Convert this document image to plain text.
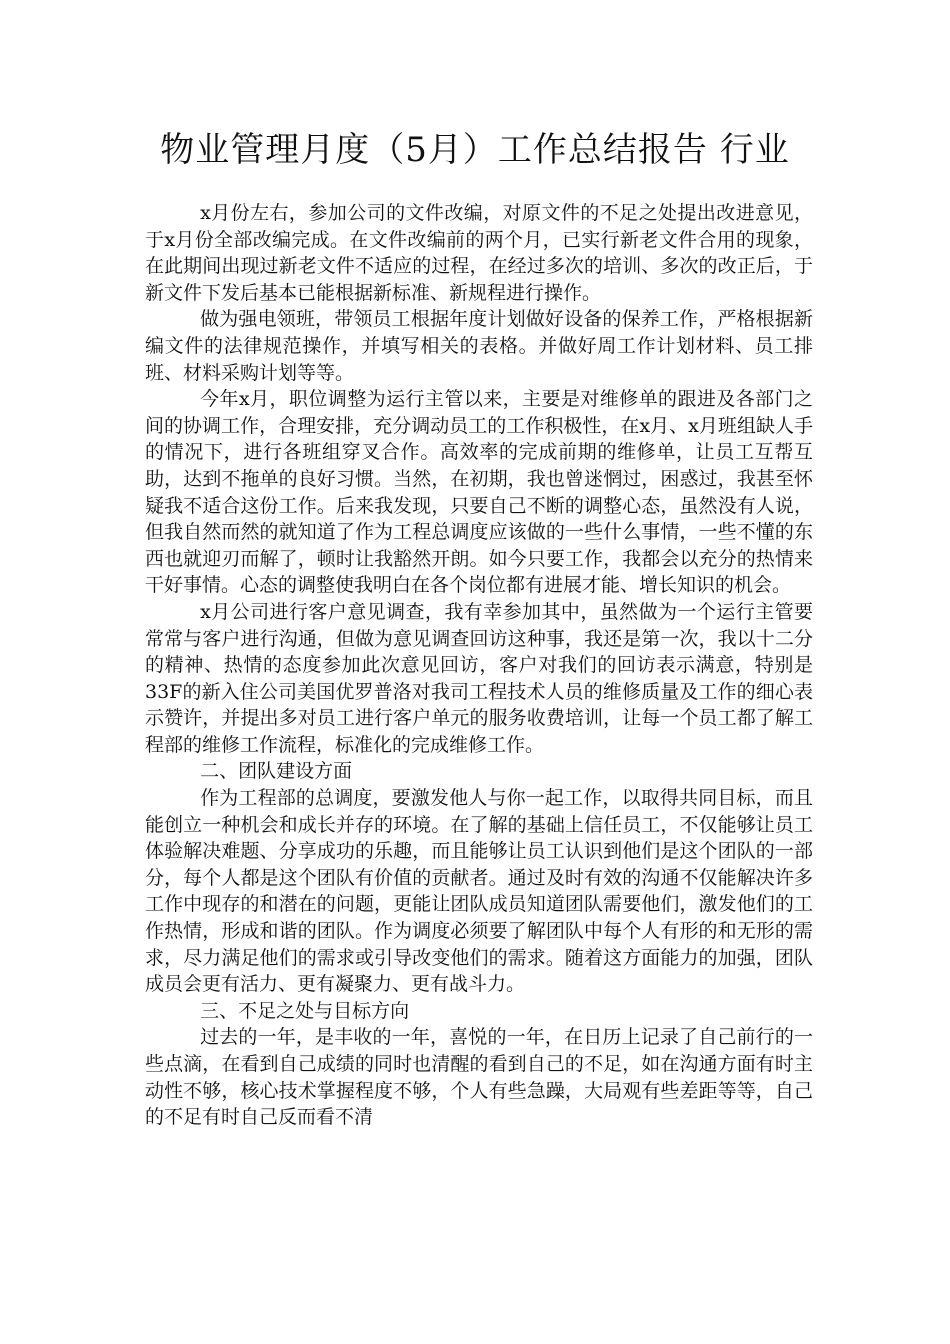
物业管理月度（5月）工作总结报告 行业

x月份左右，参加公司的文件改编，对原文件的不足之处提出改进意见，于x月份全部改编完成。在文件改编前的两个月，已实行新老文件合用的现象，在此期间出现过新老文件不适应的过程，在经过多次的培训、多次的改正后，于新文件下发后基本已能根据新标准、新规程进行操作。

做为强电领班，带领员工根据年度计划做好设备的保养工作，严格根据新编文件的法律规范操作，并填写相关的表格。并做好周工作计划材料、员工排班、材料采购计划等等。

今年x月，职位调整为运行主管以来，主要是对维修单的跟进及各部门之间的协调工作，合理安排，充分调动员工的工作积极性，在x月、x月班组缺人手的情况下，进行各班组穿叉合作。高效率的完成前期的维修单，让员工互帮互助，达到不拖单的良好习惯。当然，在初期，我也曾迷惘过，困惑过，我甚至怀疑我不适合这份工作。后来我发现，只要自己不断的调整心态，虽然没有人说，但我自然而然的就知道了作为工程总调度应该做的一些什么事情，一些不懂的东西也就迎刃而解了，顿时让我豁然开朗。如今只要工作，我都会以充分的热情来干好事情。心态的调整使我明白在各个岗位都有进展才能、增长知识的机会。

x月公司进行客户意见调查，我有幸参加其中，虽然做为一个运行主管要常常与客户进行沟通，但做为意见调查回访这种事，我还是第一次，我以十二分的精神、热情的态度参加此次意见回访，客户对我们的回访表示满意，特别是33F的新入住公司美国优罗普洛对我司工程技术人员的维修质量及工作的细心表示赞许，并提出多对员工进行客户单元的服务收费培训，让每一个员工都了解工程部的维修工作流程，标准化的完成维修工作。

二、团队建设方面

作为工程部的总调度，要激发他人与你一起工作，以取得共同目标，而且能创立一种机会和成长并存的环境。在了解的基础上信任员工，不仅能够让员工体验解决难题、分享成功的乐趣，而且能够让员工认识到他们是这个团队的一部分，每个人都是这个团队有价值的贡献者。通过及时有效的沟通不仅能解决许多工作中现存的和潜在的问题，更能让团队成员知道团队需要他们，激发他们的工作热情，形成和谐的团队。作为调度必须要了解团队中每个人有形的和无形的需求，尽力满足他们的需求或引导改变他们的需求。随着这方面能力的加强，团队成员会更有活力、更有凝聚力、更有战斗力。

三、不足之处与目标方向

过去的一年，是丰收的一年，喜悦的一年，在日历上记录了自己前行的一些点滴，在看到自己成绩的同时也清醒的看到自己的不足，如在沟通方面有时主动性不够，核心技术掌握程度不够，个人有些急躁，大局观有些差距等等，自己的不足有时自己反而看不清
